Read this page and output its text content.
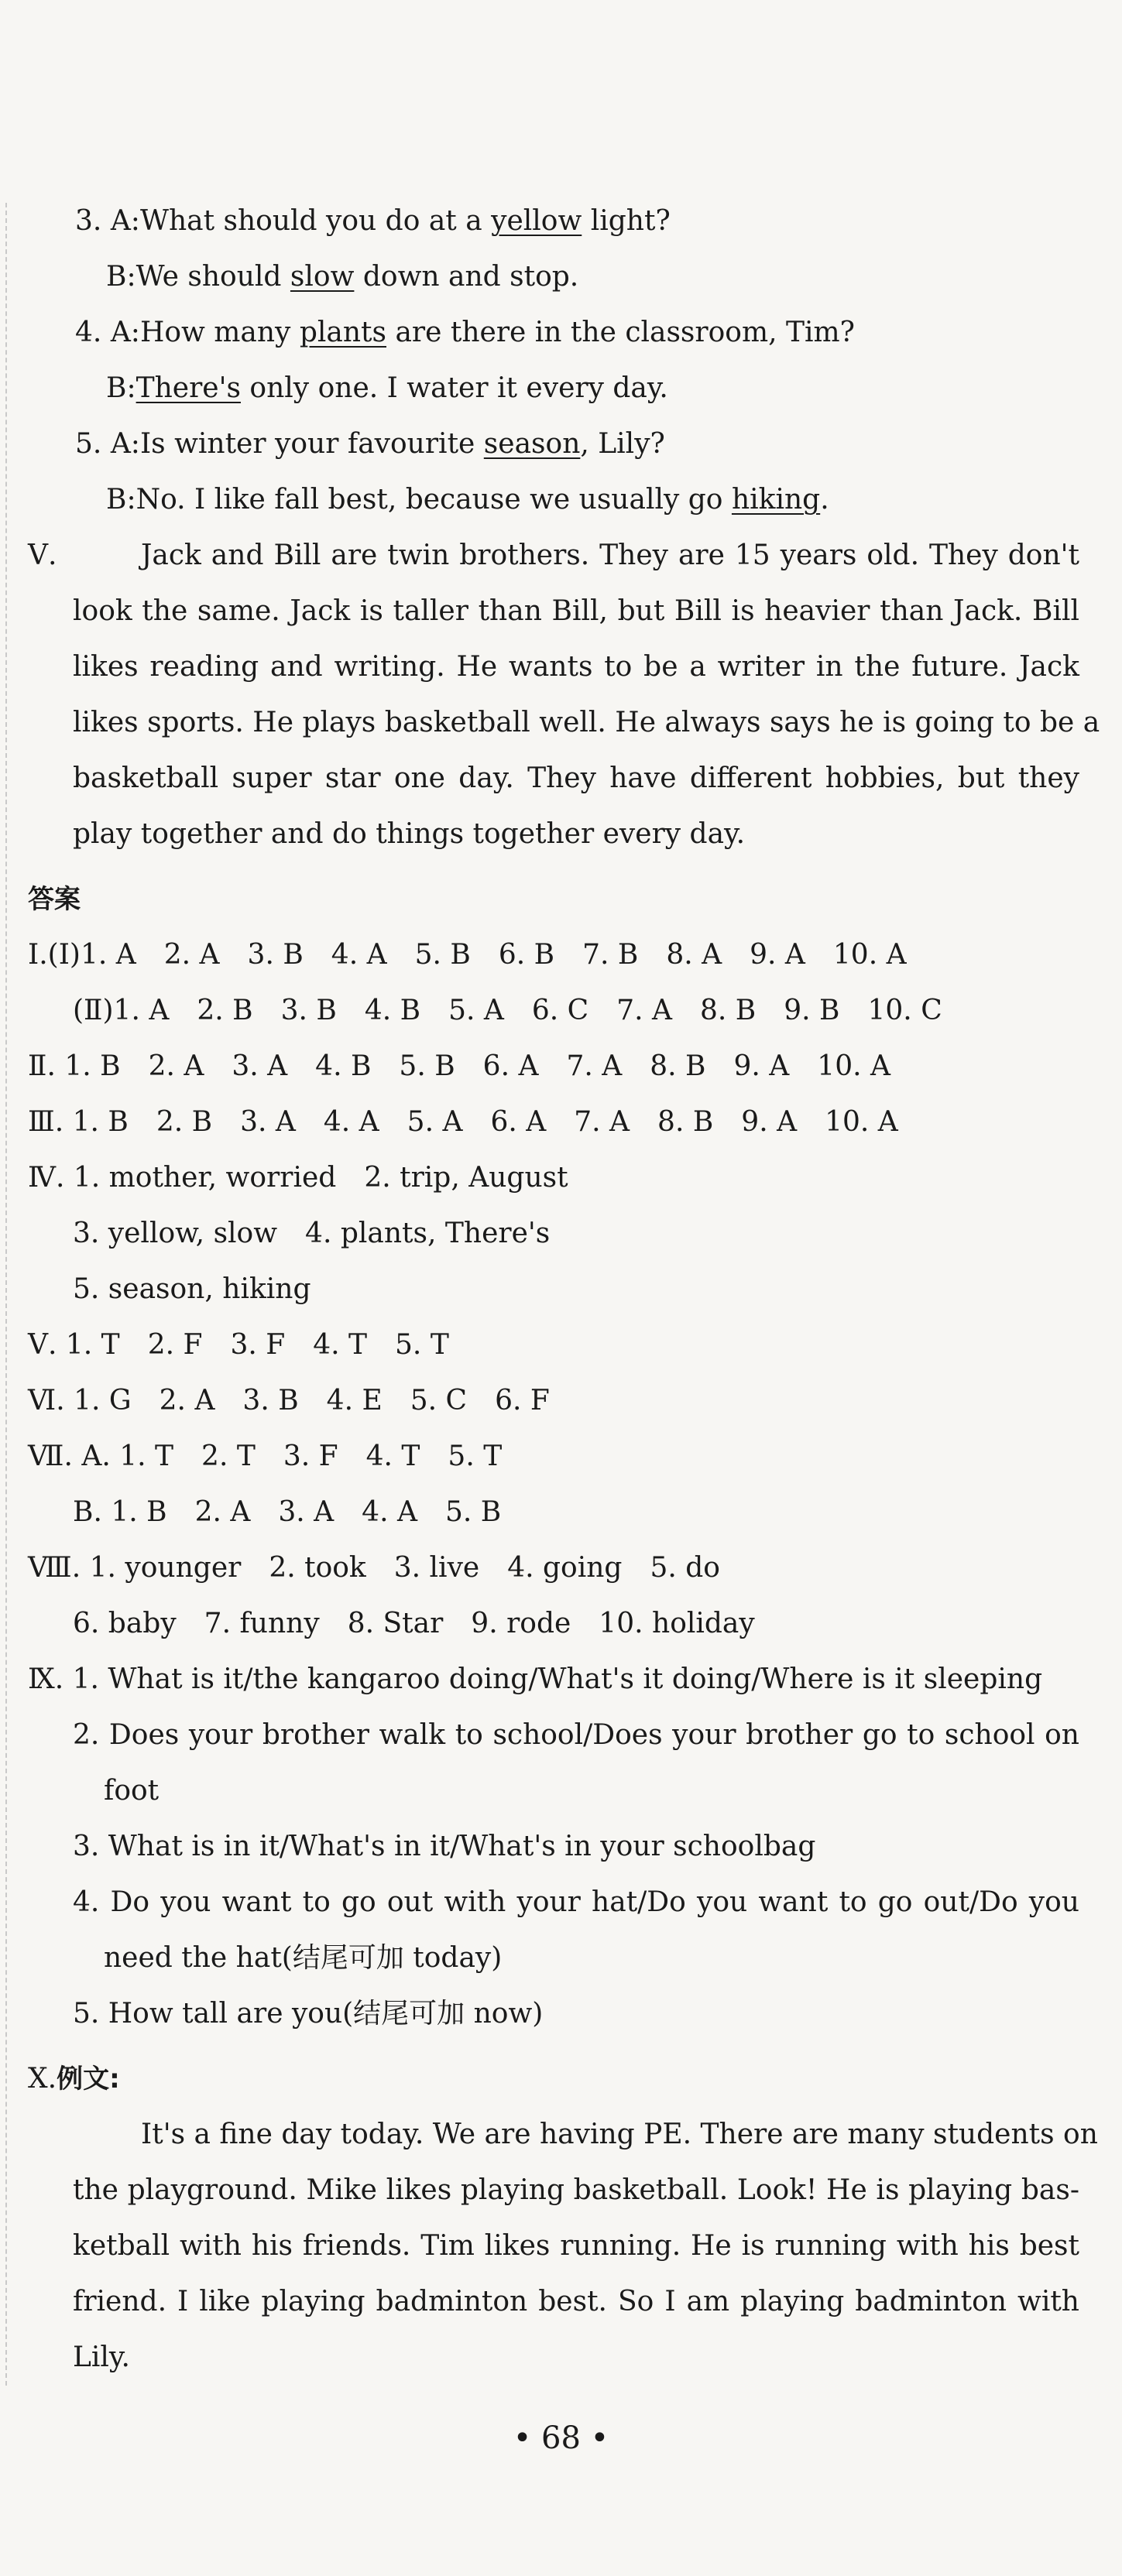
3. A:What should you do at a yellow light?
B:We should slow down and stop.
4. A:How many plants are there in the classroom, Tim?
B:There's only one. I water it every day.
5. A:Is winter your favourite season, Lily?
B:No. I like fall best, because we usually go hiking.
Ⅴ.	Jack and Bill are twin brothers. They are 15 years old. They don't
look the same. Jack is taller than Bill, but Bill is heavier than Jack. Bill
likes reading and writing. He wants to be a writer in the future. Jack
likes sports. He plays basketball well. He always says he is going to be a
basketball super star one day. They have different hobbies, but they
play together and do things together every day.
答案
Ⅰ.(Ⅰ)1. A　2. A　3. B　4. A　5. B　6. B　7. B　8. A　9. A　10. A
(Ⅱ)1. A　2. B　3. B　4. B　5. A　6. C　7. A　8. B　9. B　10. C
Ⅱ. 1. B　2. A　3. A　4. B　5. B　6. A　7. A　8. B　9. A　10. A
Ⅲ. 1. B　2. B　3. A　4. A　5. A　6. A　7. A　8. B　9. A　10. A
Ⅳ. 1. mother, worried　2. trip, August
3. yellow, slow　4. plants, There's
5. season, hiking
Ⅴ. 1. T　2. F　3. F　4. T　5. T
Ⅵ. 1. G　2. A　3. B　4. E　5. C　6. F
Ⅶ. A. 1. T　2. T　3. F　4. T　5. T
B. 1. B　2. A　3. A　4. A　5. B
Ⅷ. 1. younger　2. took　3. live　4. going　5. do
6. baby　7. funny　8. Star　9. rode　10. holiday
Ⅸ. 1. What is it/the kangaroo doing/What's it doing/Where is it sleeping
2. Does your brother walk to school/Does your brother go to school on
foot
3. What is in it/What's in it/What's in your schoolbag
4. Do you want to go out with your hat/Do you want to go out/Do you
need the hat(结尾可加 today)
5. How tall are you(结尾可加 now)
Ⅹ.例文:
It's a fine day today. We are having PE. There are many students on
the playground. Mike likes playing basketball. Look! He is playing bas-
ketball with his friends. Tim likes running. He is running with his best
friend. I like playing badminton best. So I am playing badminton with
Lily.
• 68 •
